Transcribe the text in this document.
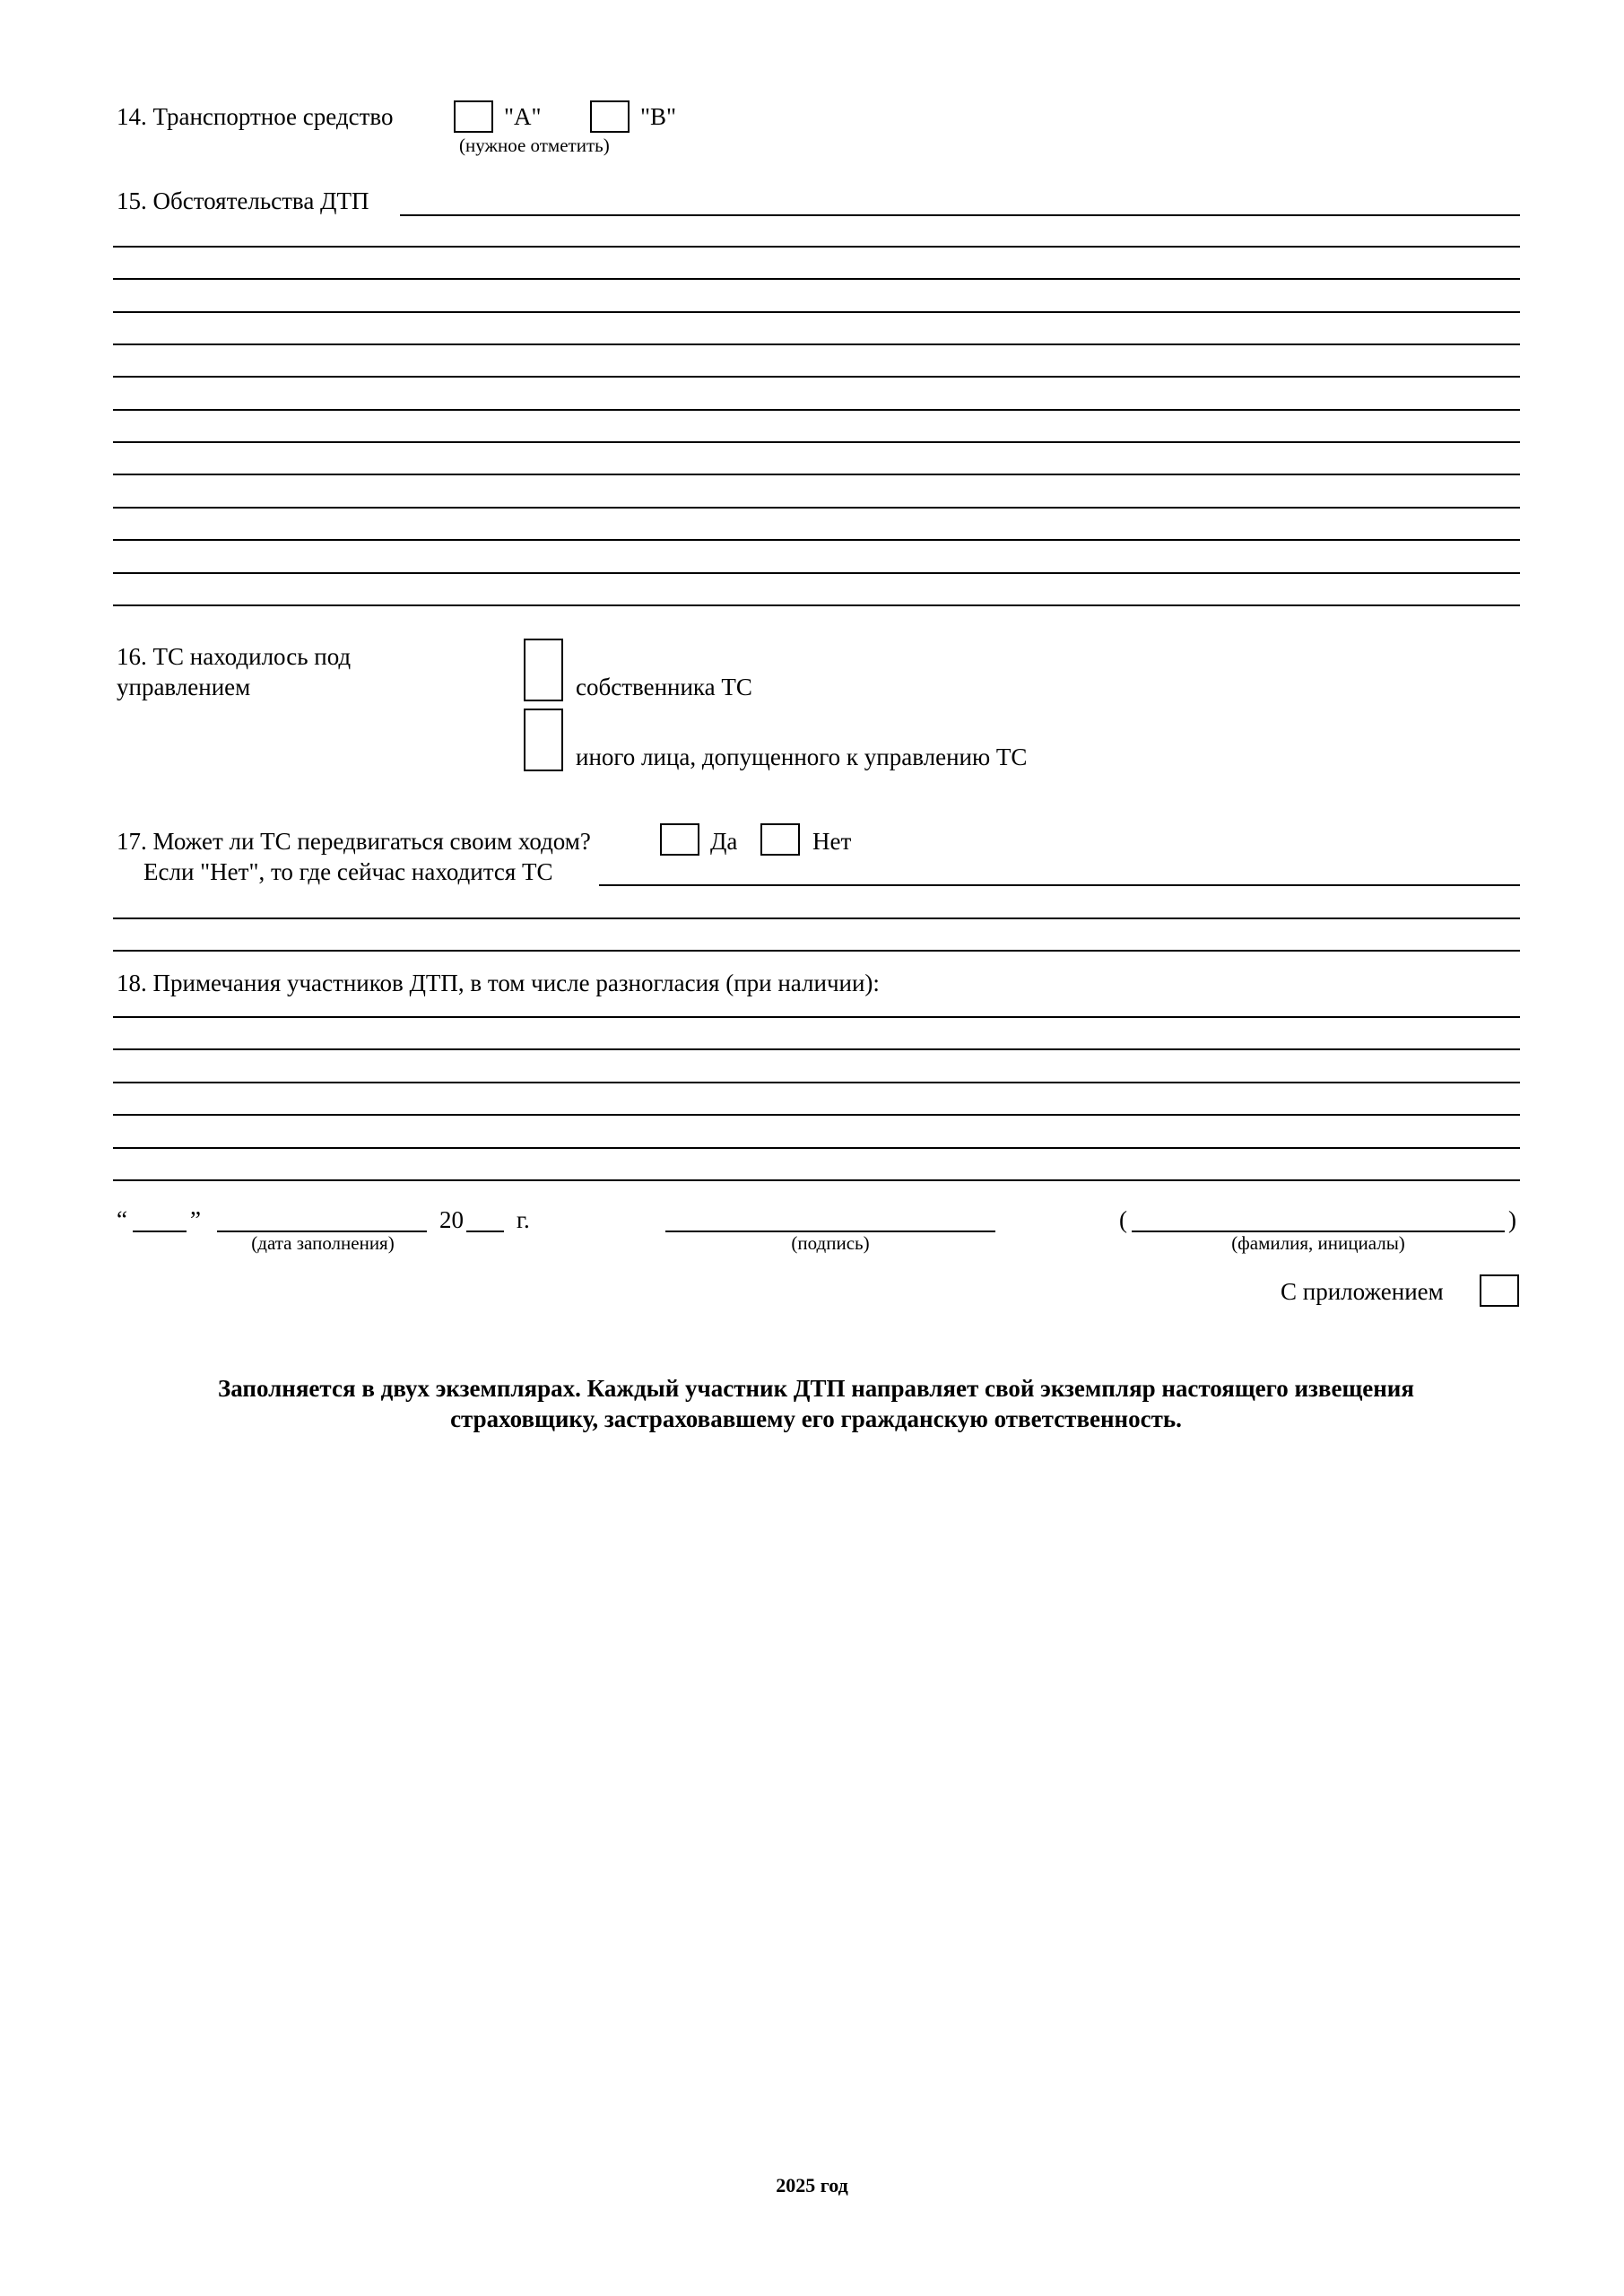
14. Транспортное средство	"А"	"В"
(нужное отметить)
15. Обстоятельства ДТП
16. ТС находилось под
управлением	собственника ТС
иного лица, допущенного к управлению ТС
17. Может ли ТС передвигаться своим ходом?	Да	Нет
Если "Нет", то где сейчас находится ТС
18. Примечания участников ДТП, в том числе разногласия (при наличии):
“	”	20 г.
(дата заполнения)	(подпись)
(	)
(фамилия, инициалы)
С приложением
Заполняется в двух экземплярах. Каждый участник ДТП направляет свой экземпляр настоящего извещения
страховщику, застраховавшему его гражданскую ответственность.
2025 год
